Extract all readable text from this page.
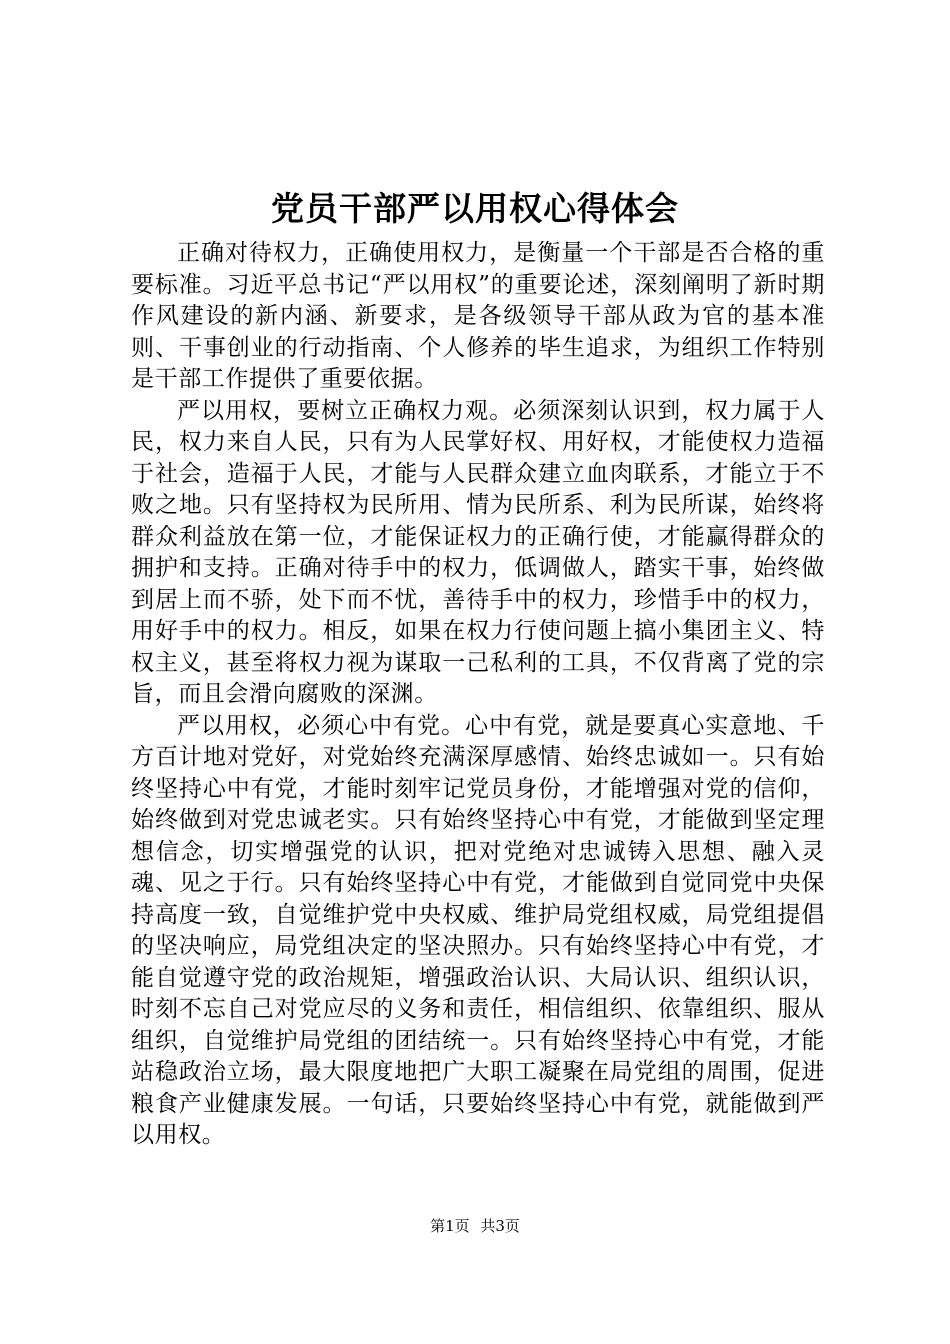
党员干部严以用权心得体会

正确对待权力，正确使用权力，是衡量一个干部是否合格的重要标准。习近平总书记“严以用权”的重要论述，深刻阐明了新时期作风建设的新内涵、新要求，是各级领导干部从政为官的基本准则、干事创业的行动指南、个人修养的毕生追求，为组织工作特别是干部工作提供了重要依据。

严以用权，要树立正确权力观。必须深刻认识到，权力属于人民，权力来自人民，只有为人民掌好权、用好权，才能使权力造福于社会，造福于人民，才能与人民群众建立血肉联系，才能立于不败之地。只有坚持权为民所用、情为民所系、利为民所谋，始终将群众利益放在第一位，才能保证权力的正确行使，才能赢得群众的拥护和支持。正确对待手中的权力，低调做人，踏实干事，始终做到居上而不骄，处下而不忧，善待手中的权力，珍惜手中的权力，用好手中的权力。相反，如果在权力行使问题上搞小集团主义、特权主义，甚至将权力视为谋取一己私利的工具，不仅背离了党的宗旨，而且会滑向腐败的深渊。

严以用权，必须心中有党。心中有党，就是要真心实意地、千方百计地对党好，对党始终充满深厚感情、始终忠诚如一。只有始终坚持心中有党，才能时刻牢记党员身份，才能增强对党的信仰，始终做到对党忠诚老实。只有始终坚持心中有党，才能做到坚定理想信念，切实增强党的认识，把对党绝对忠诚铸入思想、融入灵魂、见之于行。只有始终坚持心中有党，才能做到自觉同党中央保持高度一致，自觉维护党中央权威、维护局党组权威，局党组提倡的坚决响应，局党组决定的坚决照办。只有始终坚持心中有党，才能自觉遵守党的政治规矩，增强政治认识、大局认识、组织认识，时刻不忘自己对党应尽的义务和责任，相信组织、依靠组织、服从组织，自觉维护局党组的团结统一。只有始终坚持心中有党，才能站稳政治立场，最大限度地把广大职工凝聚在局党组的周围，促进粮食产业健康发展。一句话，只要始终坚持心中有党，就能做到严以用权。

第1页 共3页
